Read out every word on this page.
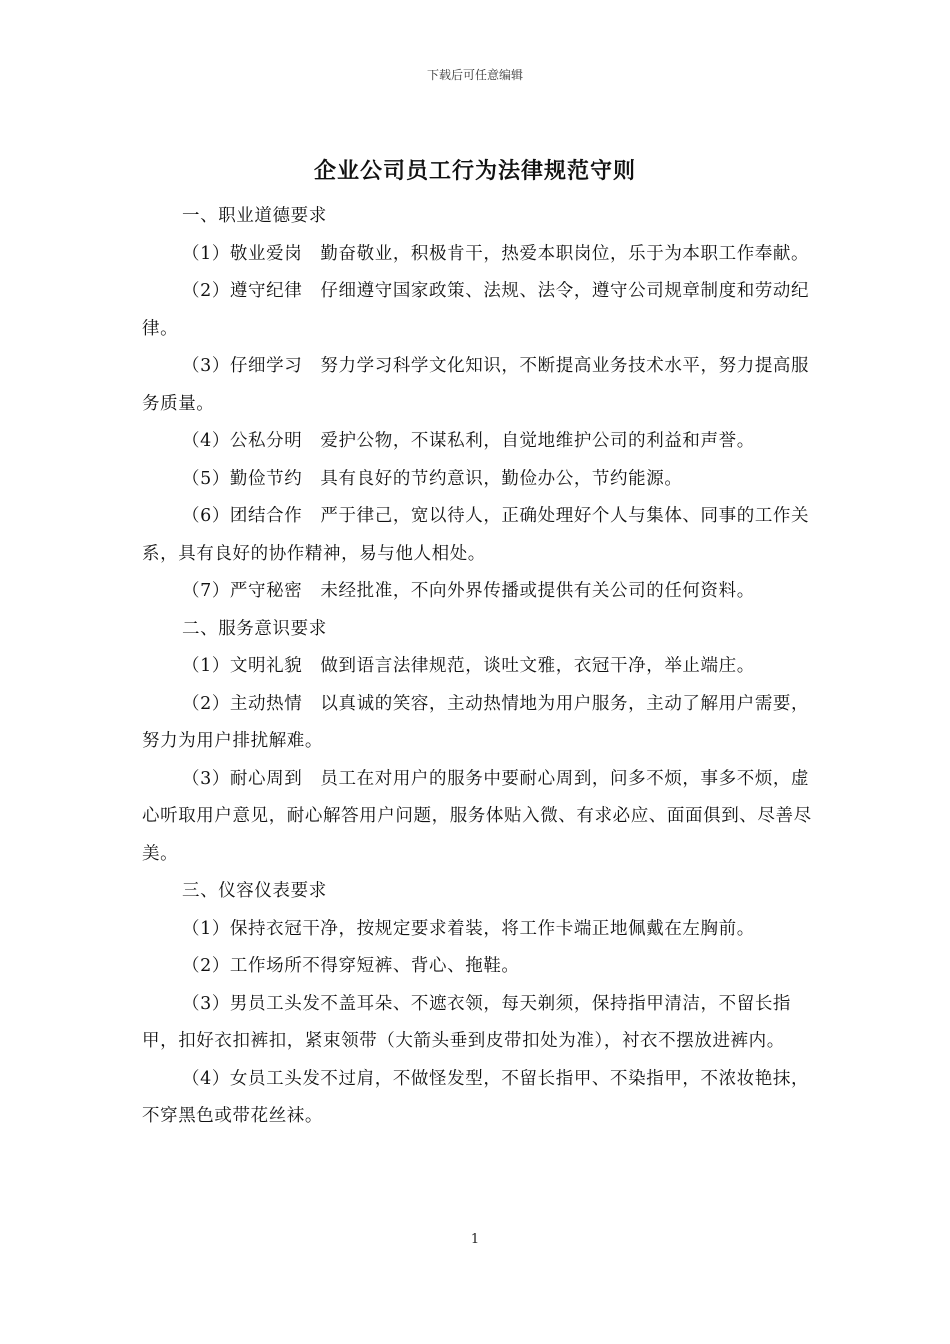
下载后可任意编辑
企业公司员工行为法律规范守则

一、职业道德要求

（1）敬业爱岗　勤奋敬业，积极肯干，热爱本职岗位，乐于为本职工作奉献。

（2）遵守纪律　仔细遵守国家政策、法规、法令，遵守公司规章制度和劳动纪律。

（3）仔细学习　努力学习科学文化知识，不断提高业务技术水平，努力提高服务质量。

（4）公私分明　爱护公物，不谋私利，自觉地维护公司的利益和声誉。

（5）勤俭节约　具有良好的节约意识，勤俭办公，节约能源。

（6）团结合作　严于律己，宽以待人，正确处理好个人与集体、同事的工作关系，具有良好的协作精神，易与他人相处。

（7）严守秘密　未经批准，不向外界传播或提供有关公司的任何资料。

二、服务意识要求

（1）文明礼貌　做到语言法律规范，谈吐文雅，衣冠干净，举止端庄。

（2）主动热情　以真诚的笑容，主动热情地为用户服务，主动了解用户需要，努力为用户排扰解难。

（3）耐心周到　员工在对用户的服务中要耐心周到，问多不烦，事多不烦，虚心听取用户意见，耐心解答用户问题，服务体贴入微、有求必应、面面俱到、尽善尽美。

三、仪容仪表要求

（1）保持衣冠干净，按规定要求着装，将工作卡端正地佩戴在左胸前。

（2）工作场所不得穿短裤、背心、拖鞋。

（3）男员工头发不盖耳朵、不遮衣领，每天剃须，保持指甲清洁，不留长指甲，扣好衣扣裤扣，紧束领带（大箭头垂到皮带扣处为准），衬衣不摆放进裤内。

（4）女员工头发不过肩，不做怪发型，不留长指甲、不染指甲，不浓妆艳抹，不穿黑色或带花丝袜。

1
